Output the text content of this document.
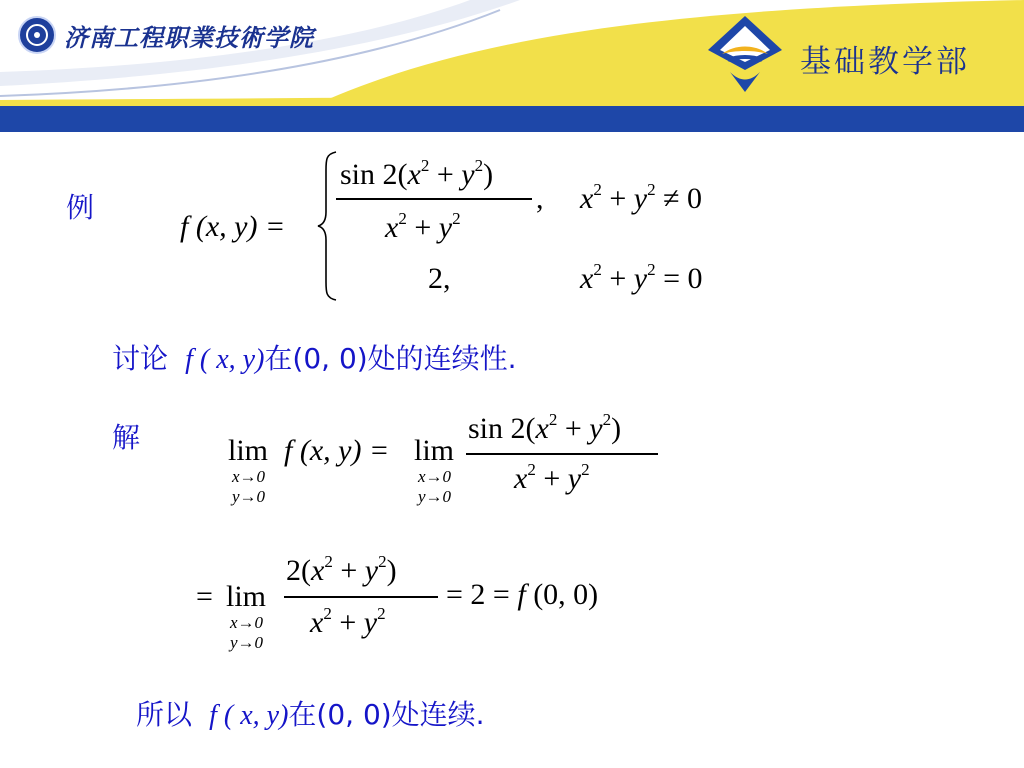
济南工程职業技術学院
基础教学部
例
f (x, y) =
$\sin 2(x^2 + y^2)$
$x^2 + y^2$
, $x^2 + y^2 \ne 0$
2,	$x^2 + y^2 = 0$
讨论 f ( x, y)在(0, 0)处的连续性.
解	lim
x→0
y→0
f (x, y) = lim
x→0
y→0
$\sin 2(x^2 + y^2)$
$x^2 + y^2$
= lim
x→0
y→0
$2(x^2 + y^2)$
$x^2 + y^2$
= 2 = f (0, 0)
所以 f ( x, y)在(0, 0)处连续.
